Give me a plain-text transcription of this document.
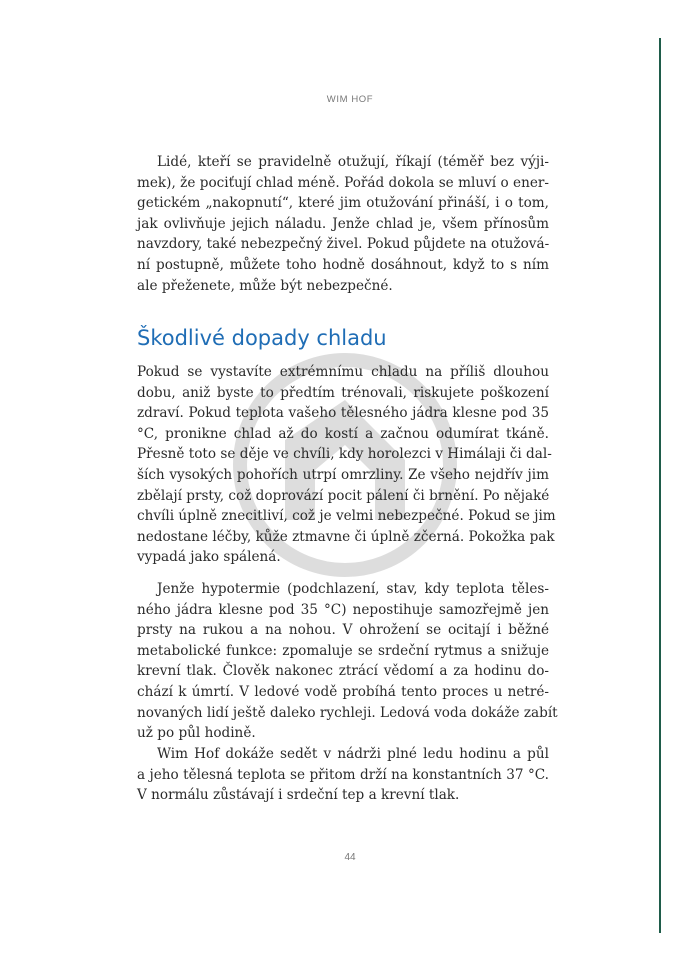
WIM HOF
Lidé, kteří se pravidelně otužují, říkají (téměř bez výji-
mek), že pociťují chlad méně. Pořád dokola se mluví o ener-
getickém „nakopnutí“, které jim otužování přináší, i o tom,
jak ovlivňuje jejich náladu. Jenže chlad je, všem přínosům
navzdory, také nebezpečný živel. Pokud půjdete na otužová-
ní postupně, můžete toho hodně dosáhnout, když to s ním
ale přeženete, může být nebezpečné.
Škodlivé dopady chladu
Pokud se vystavíte extrémnímu chladu na příliš dlouhou
dobu, aniž byste to předtím trénovali, riskujete poškození
zdraví. Pokud teplota vašeho tělesného jádra klesne pod 35
°C, pronikne chlad až do kostí a začnou odumírat tkáně.
Přesně toto se děje ve chvíli, kdy horolezci v Himálaji či dal-
ších vysokých pohořích utrpí omrzliny. Ze všeho nejdřív jim
zbělají prsty, což doprovází pocit pálení či brnění. Po nějaké
chvíli úplně znecitliví, což je velmi nebezpečné. Pokud se jim
nedostane léčby, kůže ztmavne či úplně zčerná. Pokožka pak
vypadá jako spálená.
Jenže hypotermie (podchlazení, stav, kdy teplota těles-
ného jádra klesne pod 35 °C) nepostihuje samozřejmě jen
prsty na rukou a na nohou. V ohrožení se ocitají i běžné
metabolické funkce: zpomaluje se srdeční rytmus a snižuje
krevní tlak. Člověk nakonec ztrácí vědomí a za hodinu do-
chází k úmrtí. V ledové vodě probíhá tento proces u netré-
novaných lidí ještě daleko rychleji. Ledová voda dokáže zabít
už po půl hodině.
Wim Hof dokáže sedět v nádrži plné ledu hodinu a půl
a jeho tělesná teplota se přitom drží na konstantních 37 °C.
V normálu zůstávají i srdeční tep a krevní tlak.
44
